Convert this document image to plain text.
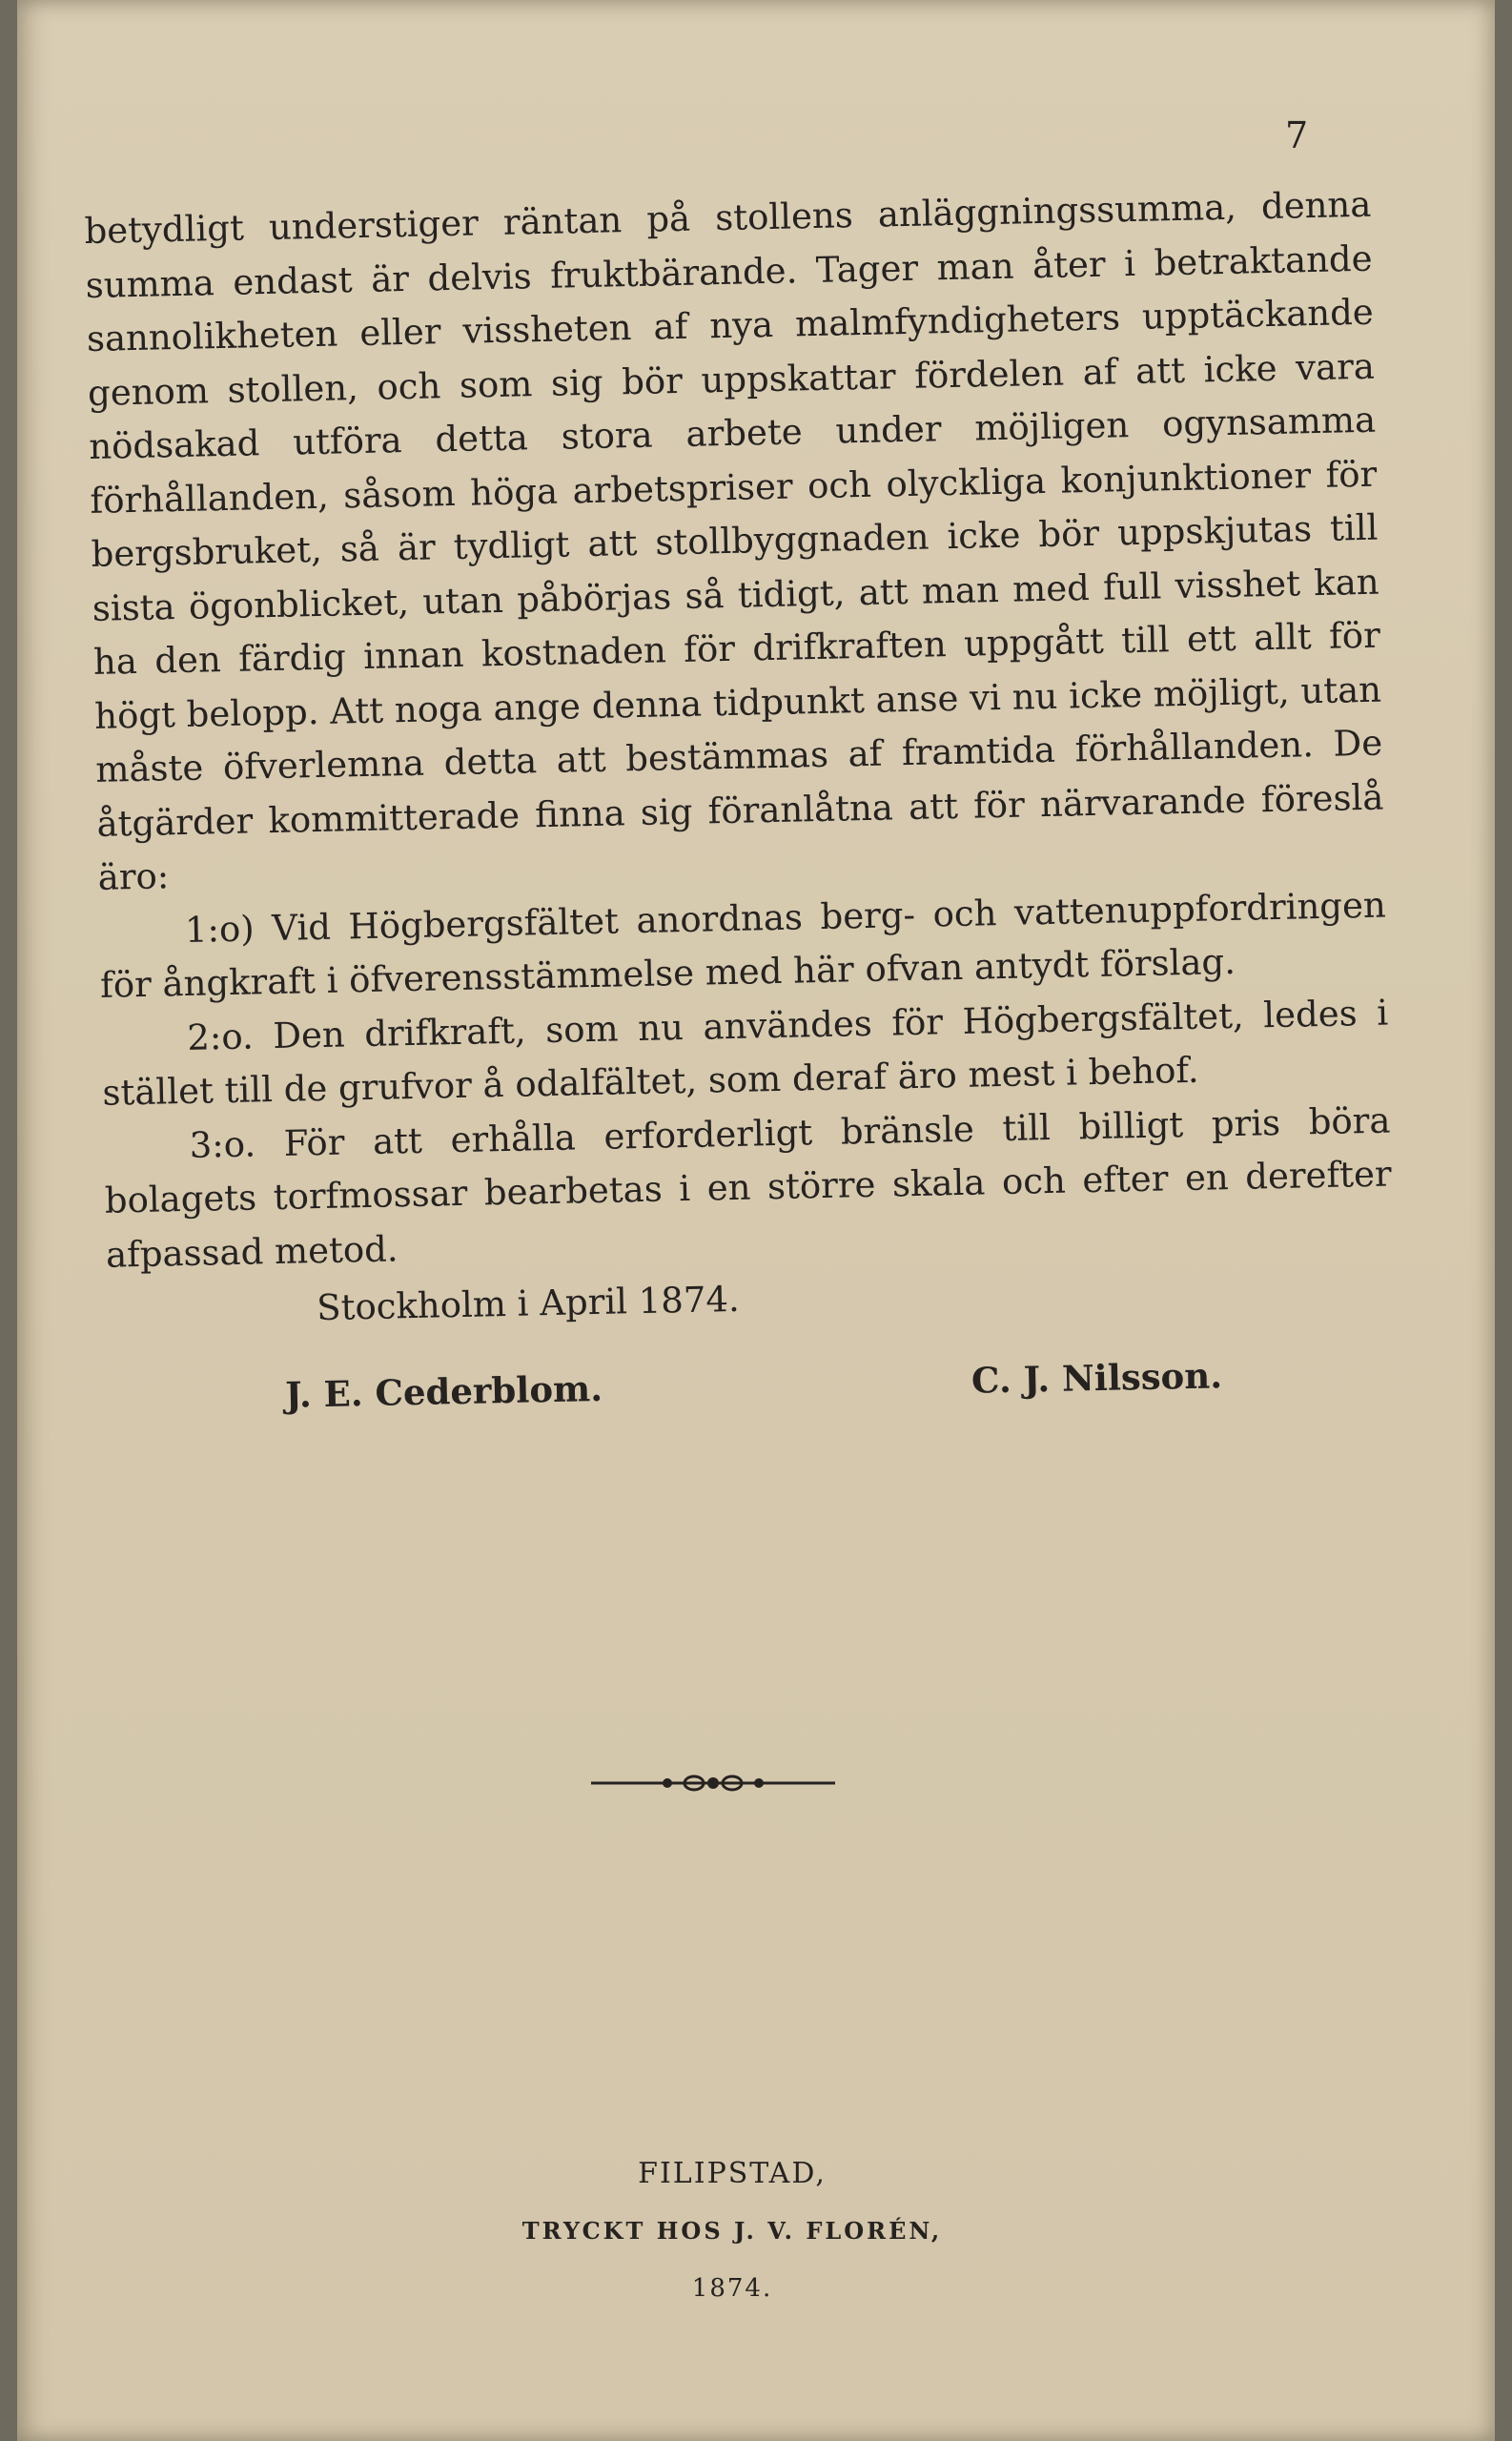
7

betydligt understiger räntan på stollens anläggningssumma, denna summa endast är delvis fruktbärande. Tager man åter i betraktande sannolikheten eller vissheten af nya malmfyndigheters upptäckande genom stollen, och som sig bör uppskattar fördelen af att icke vara nödsakad utföra detta stora arbete under möjligen ogynsamma förhållanden, såsom höga arbetspriser och olyckliga konjunktioner för bergsbruket, så är tydligt att stollbyggnaden icke bör uppskjutas till sista ögonblicket, utan påbörjas så tidigt, att man med full visshet kan ha den färdig innan kostnaden för drifkraften uppgått till ett allt för högt belopp. Att noga ange denna tidpunkt anse vi nu icke möjligt, utan måste öfverlemna detta att bestämmas af framtida förhållanden. De åtgärder kommitterade finna sig föranlåtna att för närvarande föreslå äro:

1:o) Vid Högbergsfältet anordnas berg- och vattenuppfordringen för ångkraft i öfverensstämmelse med här ofvan antydt förslag.

2:o. Den drifkraft, som nu användes för Högbergsfältet, ledes i stället till de grufvor å odalfältet, som deraf äro mest i behof.

3:o. För att erhålla erforderligt bränsle till billigt pris böra bolagets torfmossar bearbetas i en större skala och efter en derefter afpassad metod.

Stockholm i April 1874.

J. E. Cederblom.	C. J. Nilsson.
FILIPSTAD,
TRYCKT HOS J. V. FLORÉN,
1874.
